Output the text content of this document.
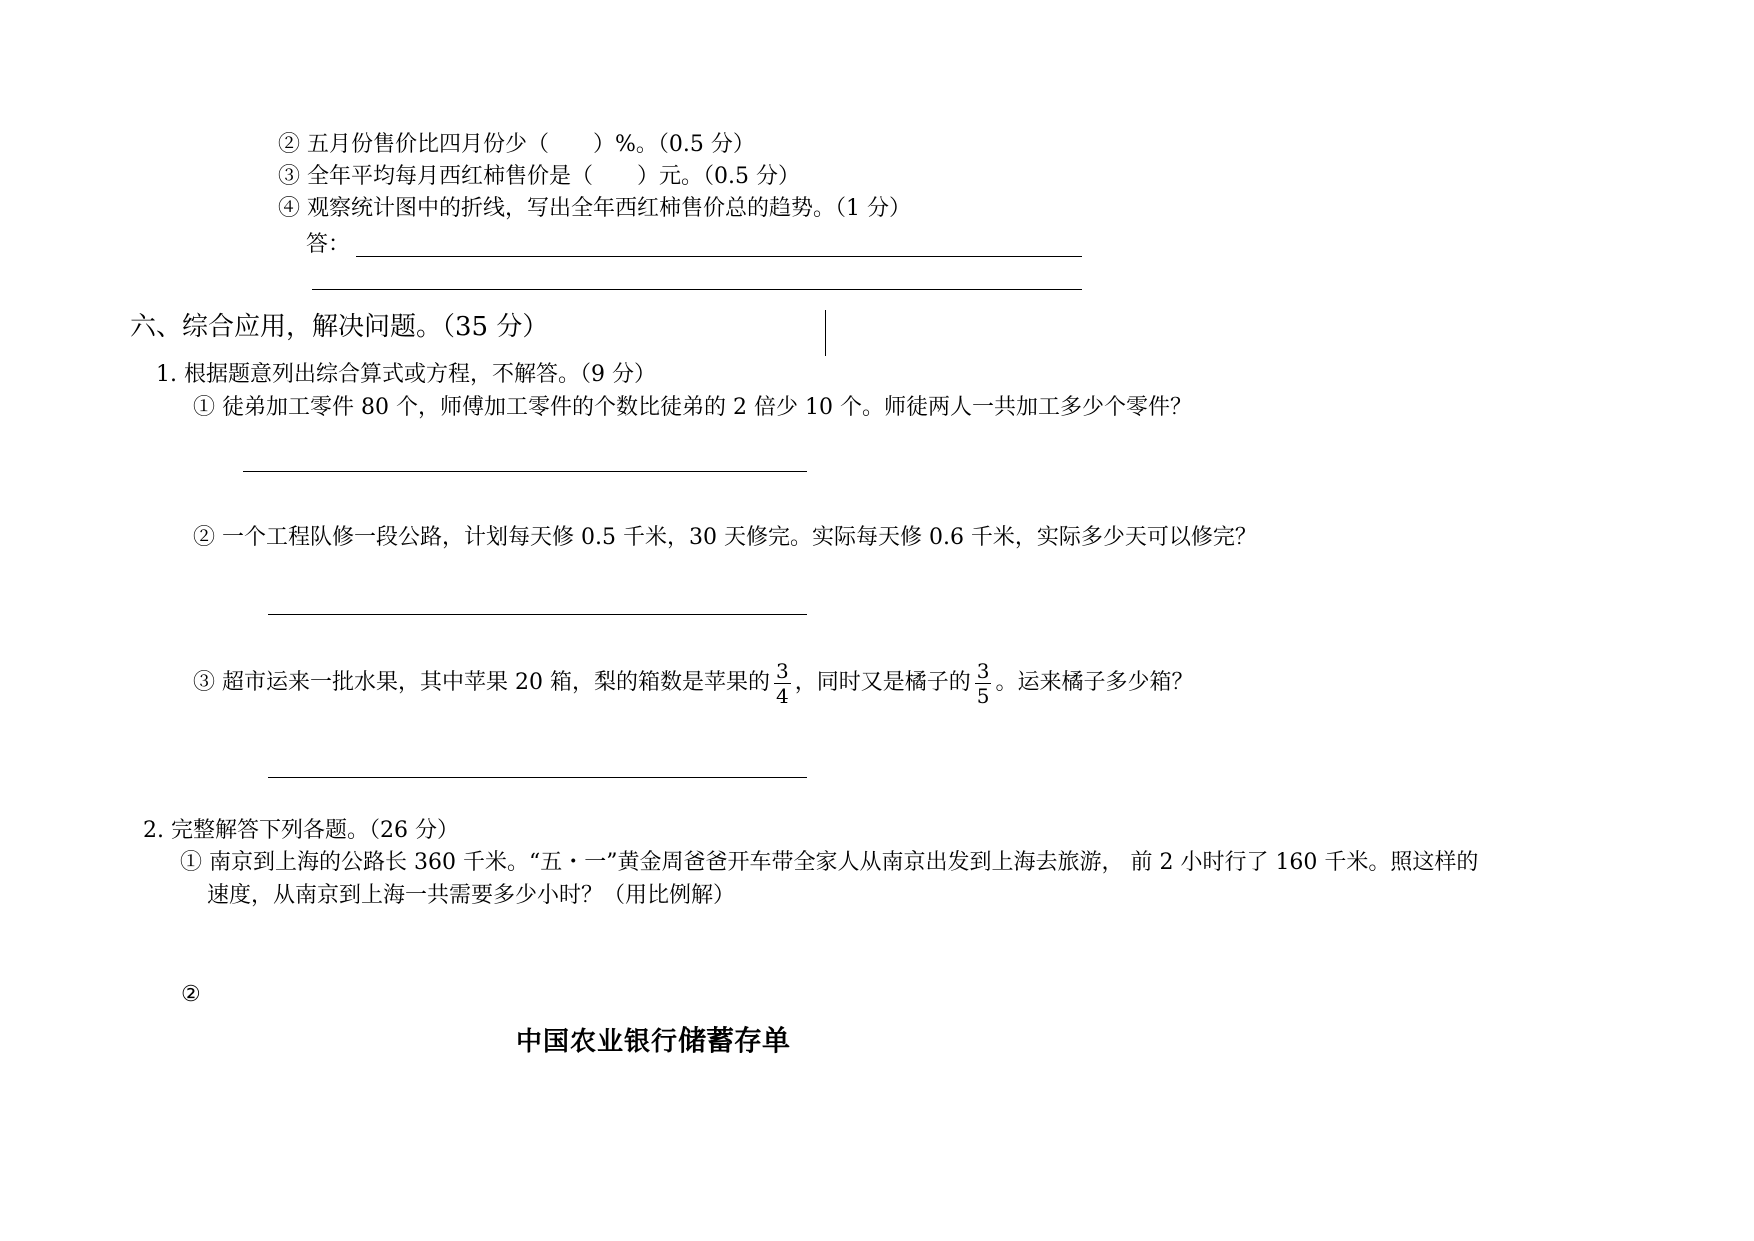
② 五月份售价比四月份少（　　）%。（0.5 分）
③ 全年平均每月西红柿售价是（　　）元。（0.5 分）
④ 观察统计图中的折线，写出全年西红柿售价总的趋势。（1 分）
答：
六、综合应用，解决问题。（35 分）
1. 根据题意列出综合算式或方程，不解答。（9 分）
① 徒弟加工零件 80 个，师傅加工零件的个数比徒弟的 2 倍少 10 个。师徒两人一共加工多少个零件？
② 一个工程队修一段公路，计划每天修 0.5 千米，30 天修完。实际每天修 0.6 千米，实际多少天可以修完？
③ 超市运来一批水果，其中苹果 20 箱，梨的箱数是苹果的 $\frac{3}{4}$ ，同时又是橘子的 $\frac{3}{5}$ 。运来橘子多少箱？
2. 完整解答下列各题。（26 分）
① 南京到上海的公路长 360 千米。“五・一”黄金周爸爸开车带全家人从南京出发到上海去旅游， 前 2 小时行了 160 千米。照这样的
速度，从南京到上海一共需要多少小时？（用比例解）
②
中国农业银行储蓄存单
